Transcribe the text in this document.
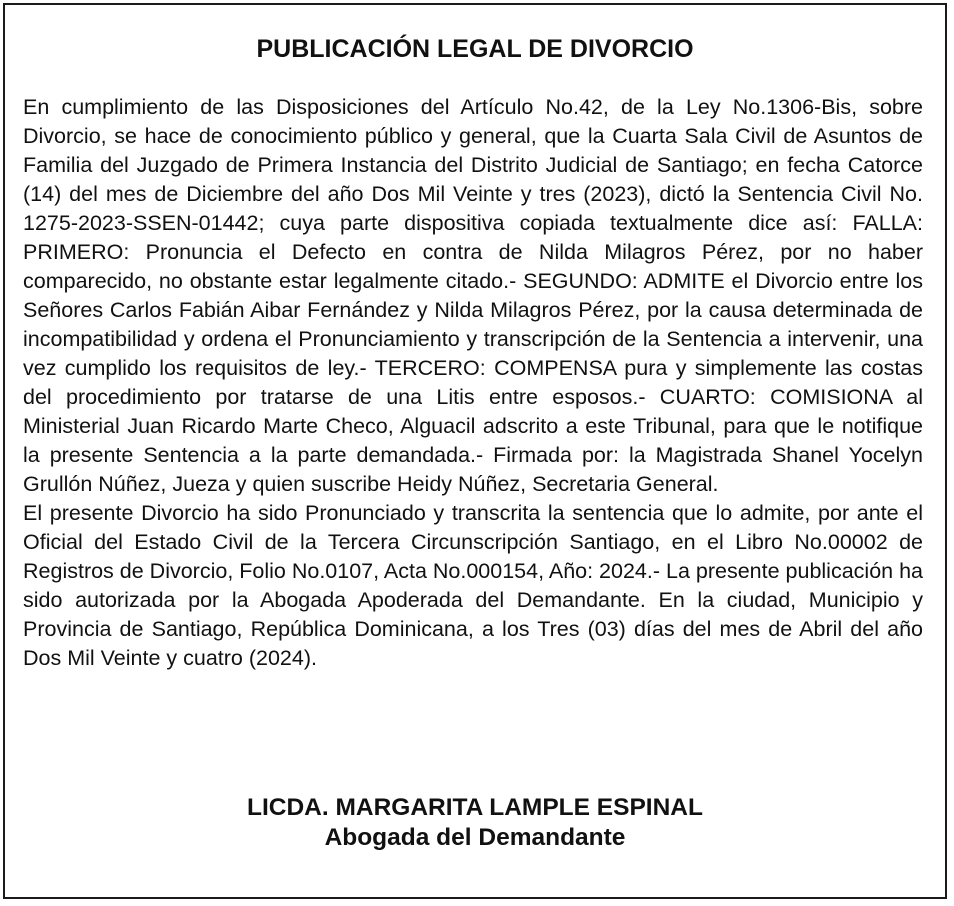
PUBLICACIÓN LEGAL DE DIVORCIO

En cumplimiento de las Disposiciones del Artículo No.42, de la Ley No.1306-Bis, sobre Divorcio, se hace de conocimiento público y general, que la Cuarta Sala Civil de Asuntos de Familia del Juzgado de Primera Instancia del Distrito Judicial de Santiago; en fecha Catorce (14) del mes de Diciembre del año Dos Mil Veinte y tres (2023), dictó la Sentencia Civil No. 1275-2023-SSEN-01442; cuya parte dispositiva copiada textualmente dice así: FALLA: PRIMERO: Pronuncia el Defecto en contra de Nilda Milagros Pérez, por no haber comparecido, no obstante estar legalmente citado.- SEGUNDO: ADMITE el Divorcio entre los Señores Carlos Fabián Aibar Fernández y Nilda Milagros Pérez, por la causa determinada de incompatibilidad y ordena el Pronunciamiento y transcripción de la Sentencia a intervenir, una vez cumplido los requisitos de ley.- TERCERO: COMPENSA pura y simplemente las costas del procedimiento por tratarse de una Litis entre esposos.- CUARTO: COMISIONA al Ministerial Juan Ricardo Marte Checo, Alguacil adscrito a este Tribunal, para que le notifique la presente Sentencia a la parte demandada.- Firmada por: la Magistrada Shanel Yocelyn Grullón Núñez, Jueza y quien suscribe Heidy Núñez, Secretaria General.

El presente Divorcio ha sido Pronunciado y transcrita la sentencia que lo admite, por ante el Oficial del Estado Civil de la Tercera Circunscripción Santiago, en el Libro No.00002 de Registros de Divorcio, Folio No.0107, Acta No.000154, Año: 2024.- La presente publicación ha sido autorizada por la Abogada Apoderada del Demandante. En la ciudad, Municipio y Provincia de Santiago, República Dominicana, a los Tres (03) días del mes de Abril del año Dos Mil Veinte y cuatro (2024).

LICDA. MARGARITA LAMPLE ESPINAL
Abogada del Demandante
